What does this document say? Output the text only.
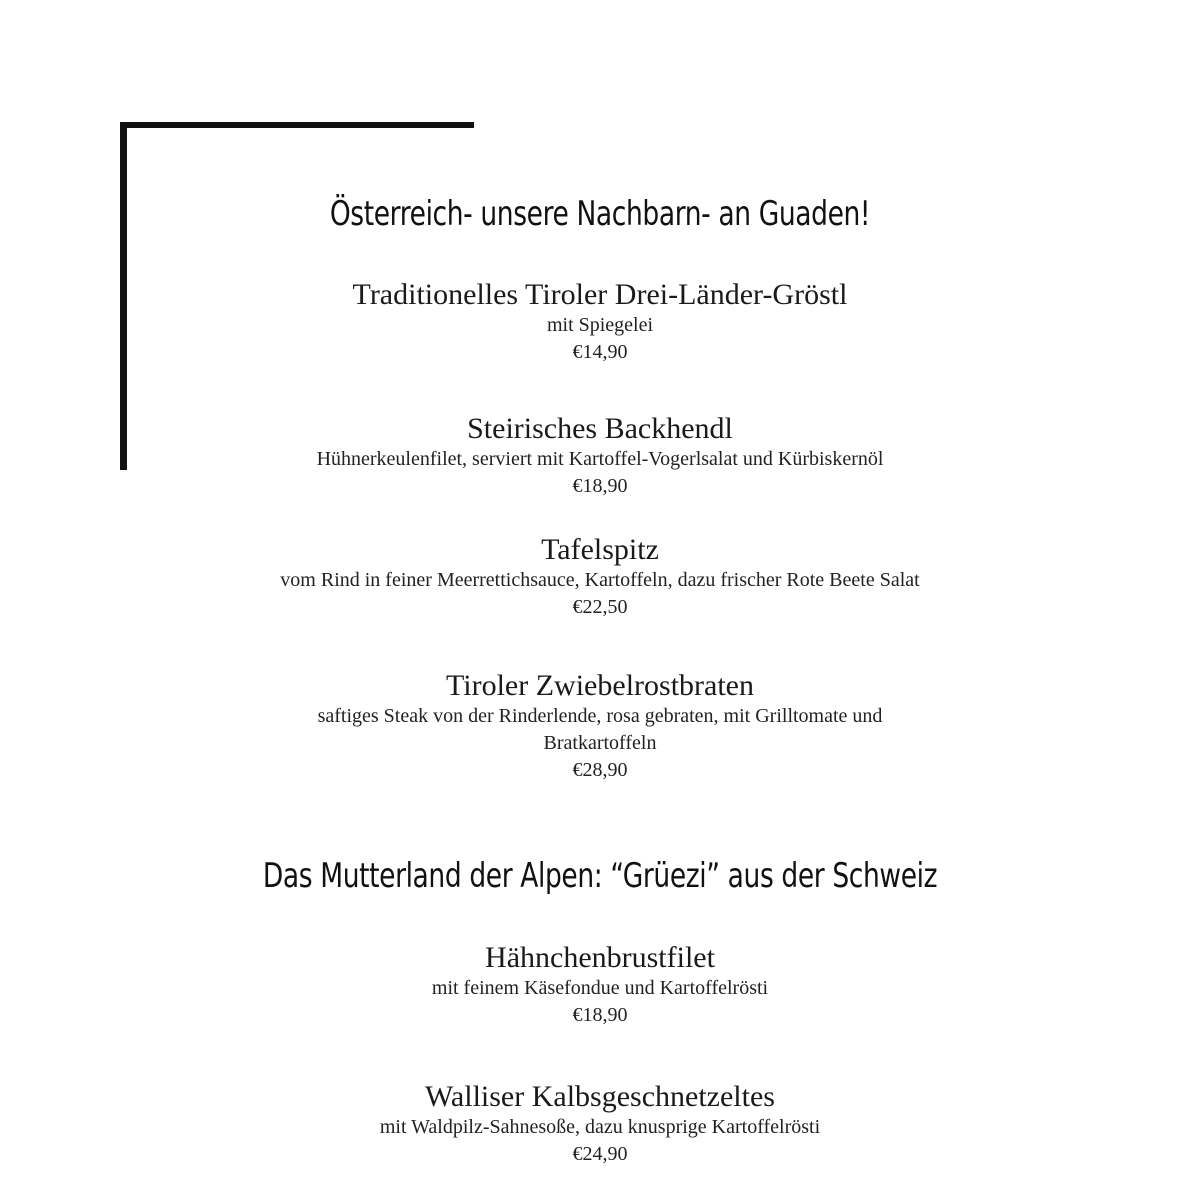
Österreich- unsere Nachbarn- an Guaden!
Traditionelles Tiroler Drei-Länder-Gröstl
mit Spiegelei
€14,90
Steirisches Backhendl
Hühnerkeulenfilet, serviert mit Kartoffel-Vogerlsalat und Kürbiskernöl
€18,90
Tafelspitz
vom Rind in feiner Meerrettichsauce, Kartoffeln, dazu frischer Rote Beete Salat
€22,50
Tiroler Zwiebelrostbraten
saftiges Steak von der Rinderlende, rosa gebraten, mit Grilltomate und
Bratkartoffeln
€28,90
Das Mutterland der Alpen: “Grüezi” aus der Schweiz
Hähnchenbrustfilet
mit feinem Käsefondue und Kartoffelrösti
€18,90
Walliser Kalbsgeschnetzeltes
mit Waldpilz-Sahnesoße, dazu knusprige Kartoffelrösti
€24,90
